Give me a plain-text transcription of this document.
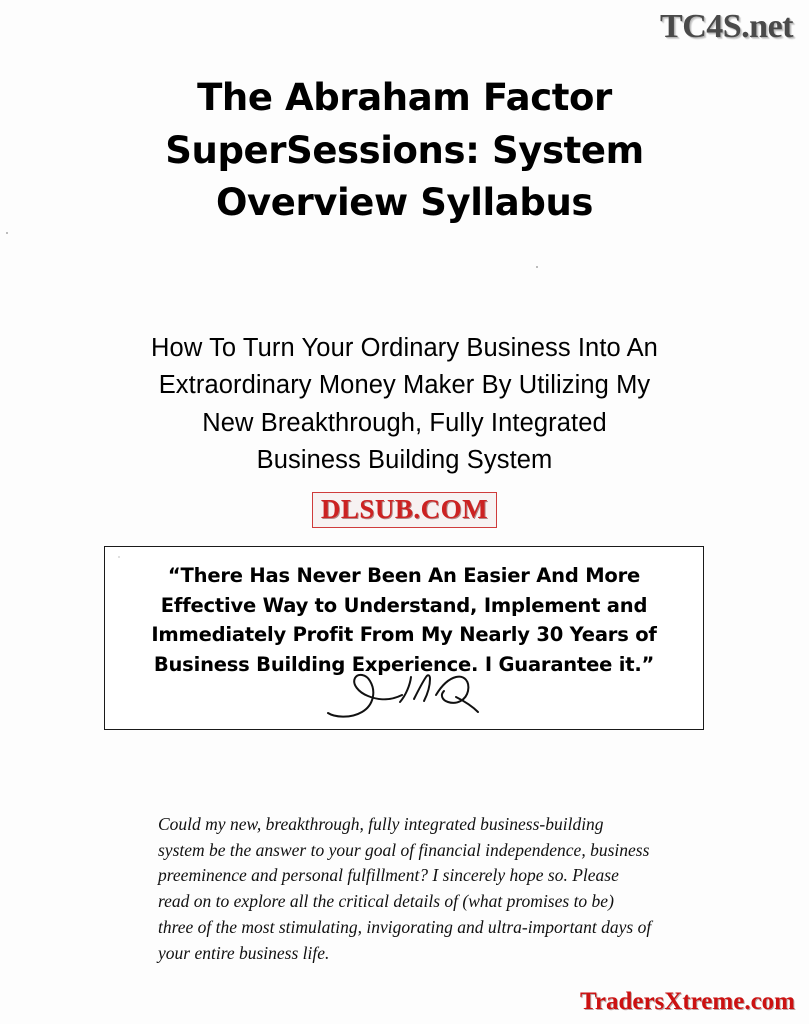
TC4S.net
The Abraham Factor
SuperSessions: System
Overview Syllabus
How To Turn Your Ordinary Business Into An
Extraordinary Money Maker By Utilizing My
New Breakthrough, Fully Integrated
Business Building System
DLSUB.COM
“There Has Never Been An Easier And More
Effective Way to Understand, Implement and
Immediately Profit From My Nearly 30 Years of
Business Building Experience. I Guarantee it.”
Could my new, breakthrough, fully integrated business-building
system be the answer to your goal of financial independence, business
preeminence and personal fulfillment? I sincerely hope so. Please
read on to explore all the critical details of (what promises to be)
three of the most stimulating, invigorating and ultra-important days of
your entire business life.
TradersXtreme.com
